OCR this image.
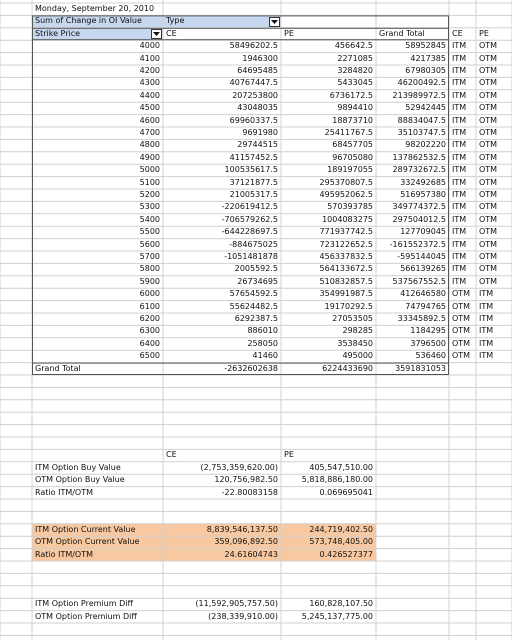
Monday, September 20, 2010
Sum of Change in OI Value	Type
Strike Price	CE	PE	Grand Total	CE	PE
4000	58496202.5	456642.5	58952845 ITM	OTM
4100	1946300	2271085	4217385 ITM	OTM
4200	64695485	3284820	67980305 ITM	OTM
4300	40767447.5	5433045	46200492.5 ITM	OTM
4400	207253800	6736172.5	213989972.5 ITM	OTM
4500	43048035	9894410	52942445 ITM	OTM
4600	69960337.5	18873710	88834047.5 ITM	OTM
4700	9691980	25411767.5	35103747.5 ITM	OTM
4800	29744515	68457705	98202220 ITM	OTM
4900	41157452.5	96705080	137862532.5 ITM	OTM
5000	100535617.5	189197055	289732672.5 ITM	OTM
5100	37121877.5	295370807.5	332492685 ITM	OTM
5200	21005317.5	495952062.5	516957380 ITM	OTM
5300	-220619412.5	570393785	349774372.5 ITM	OTM
5400	-706579262.5	1004083275	297504012.5 ITM	OTM
5500	-644228697.5	771937742.5	127709045 ITM	OTM
5600	-884675025	723122652.5	-161552372.5 ITM	OTM
5700	-1051481878	456337832.5	-595144045 ITM	OTM
5800	2005592.5	564133672.5	566139265 ITM	OTM
5900	26734695	510832857.5	537567552.5 ITM	OTM
6000	57654592.5	354991987.5	412646580 OTM	ITM
6100	55624482.5	19170292.5	74794765 OTM	ITM
6200	6292387.5	27053505	33345892.5 OTM	ITM
6300	886010	298285	1184295 OTM	ITM
6400	258050	3538450	3796500 OTM	ITM
6500	41460	495000	536460 OTM	ITM
Grand Total	-2632602638	6224433690	3591831053
CE	PE
ITM Option Buy Value	(2,753,359,620.00)	405,547,510.00
OTM Option Buy Value	120,756,982.50	5,818,886,180.00
Ratio ITM/OTM	-22.80083158	0.069695041
ITM Option Current Value	8,839,546,137.50	244,719,402.50
OTM Option Current Value	359,096,892.50	573,748,405.00
Ratio ITM/OTM	24.61604743	0.426527377
ITM Option Premium Diff	(11,592,905,757.50)	160,828,107.50
OTM Option Premium Diff	(238,339,910.00)	5,245,137,775.00
